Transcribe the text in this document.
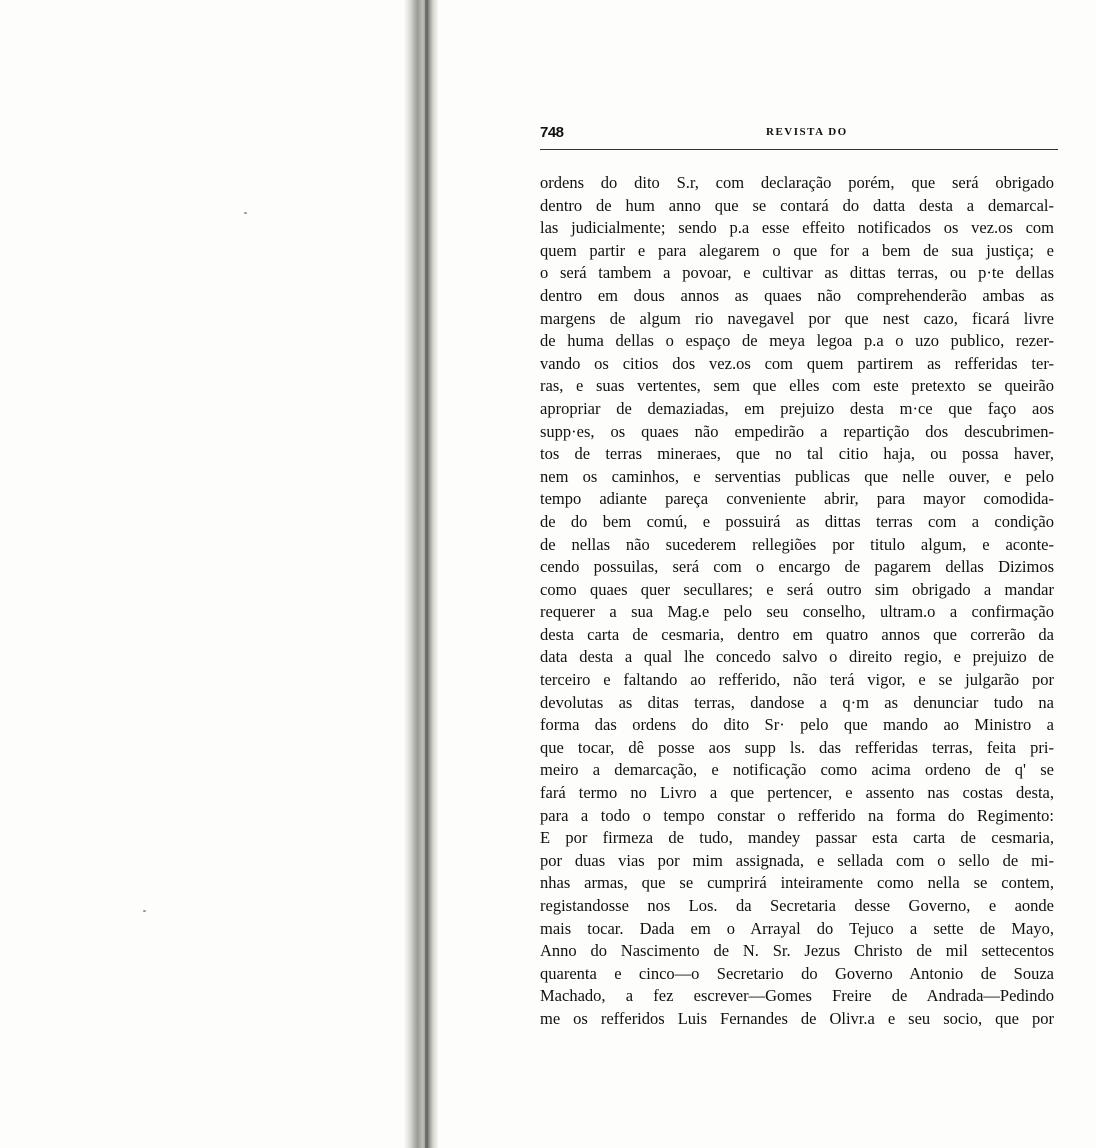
748	REVISTA DO
ordens do dito S.r, com declaração porém, que será obrigado
dentro de hum anno que se contará do datta desta a demarcal-
las judicialmente; sendo p.a esse effeito notificados os vez.os com
quem partir e para alegarem o que for a bem de sua justiça; e
o será tambem a povoar, e cultivar as dittas terras, ou p·te dellas
dentro em dous annos as quaes não comprehenderão ambas as
margens de algum rio navegavel por que nest cazo, ficará livre
de huma dellas o espaço de meya legoa p.a o uzo publico, rezer-
vando os citios dos vez.os com quem partirem as refferidas ter-
ras, e suas vertentes, sem que elles com este pretexto se queirão
apropriar de demaziadas, em prejuizo desta m·ce que faço aos
supp·es, os quaes não empedirão a repartição dos descubrimen-
tos de terras mineraes, que no tal citio haja, ou possa haver,
nem os caminhos, e serventias publicas que nelle ouver, e pelo
tempo adiante pareça conveniente abrir, para mayor comodida-
de do bem comú, e possuirá as dittas terras com a condição
de nellas não sucederem rellegiões por titulo algum, e aconte-
cendo possuilas, será com o encargo de pagarem dellas Dizimos
como quaes quer secullares; e será outro sim obrigado a mandar
requerer a sua Mag.e pelo seu conselho, ultram.o a confirmação
desta carta de cesmaria, dentro em quatro annos que correrão da
data desta a qual lhe concedo salvo o direito regio, e prejuizo de
terceiro e faltando ao refferido, não terá vigor, e se julgarão por
devolutas as ditas terras, dandose a q·m as denunciar tudo na
forma das ordens do dito Sr· pelo que mando ao Ministro a
que tocar, dê posse aos supp ls. das refferidas terras, feita pri-
meiro a demarcação, e notificação como acima ordeno de q' se
fará termo no Livro a que pertencer, e assento nas costas desta,
para a todo o tempo constar o refferido na forma do Regimento:
E por firmeza de tudo, mandey passar esta carta de cesmaria,
por duas vias por mim assignada, e sellada com o sello de mi-
nhas armas, que se cumprirá inteiramente como nella se contem,
registandosse nos Los. da Secretaria desse Governo, e aonde
mais tocar. Dada em o Arrayal do Tejuco a sette de Mayo,
Anno do Nascimento de N. Sr. Jezus Christo de mil settecentos
quarenta e cinco—o Secretario do Governo Antonio de Souza
Machado, a fez escrever—Gomes Freire de Andrada—Pedindo
me os refferidos Luis Fernandes de Olivr.a e seu socio, que por
